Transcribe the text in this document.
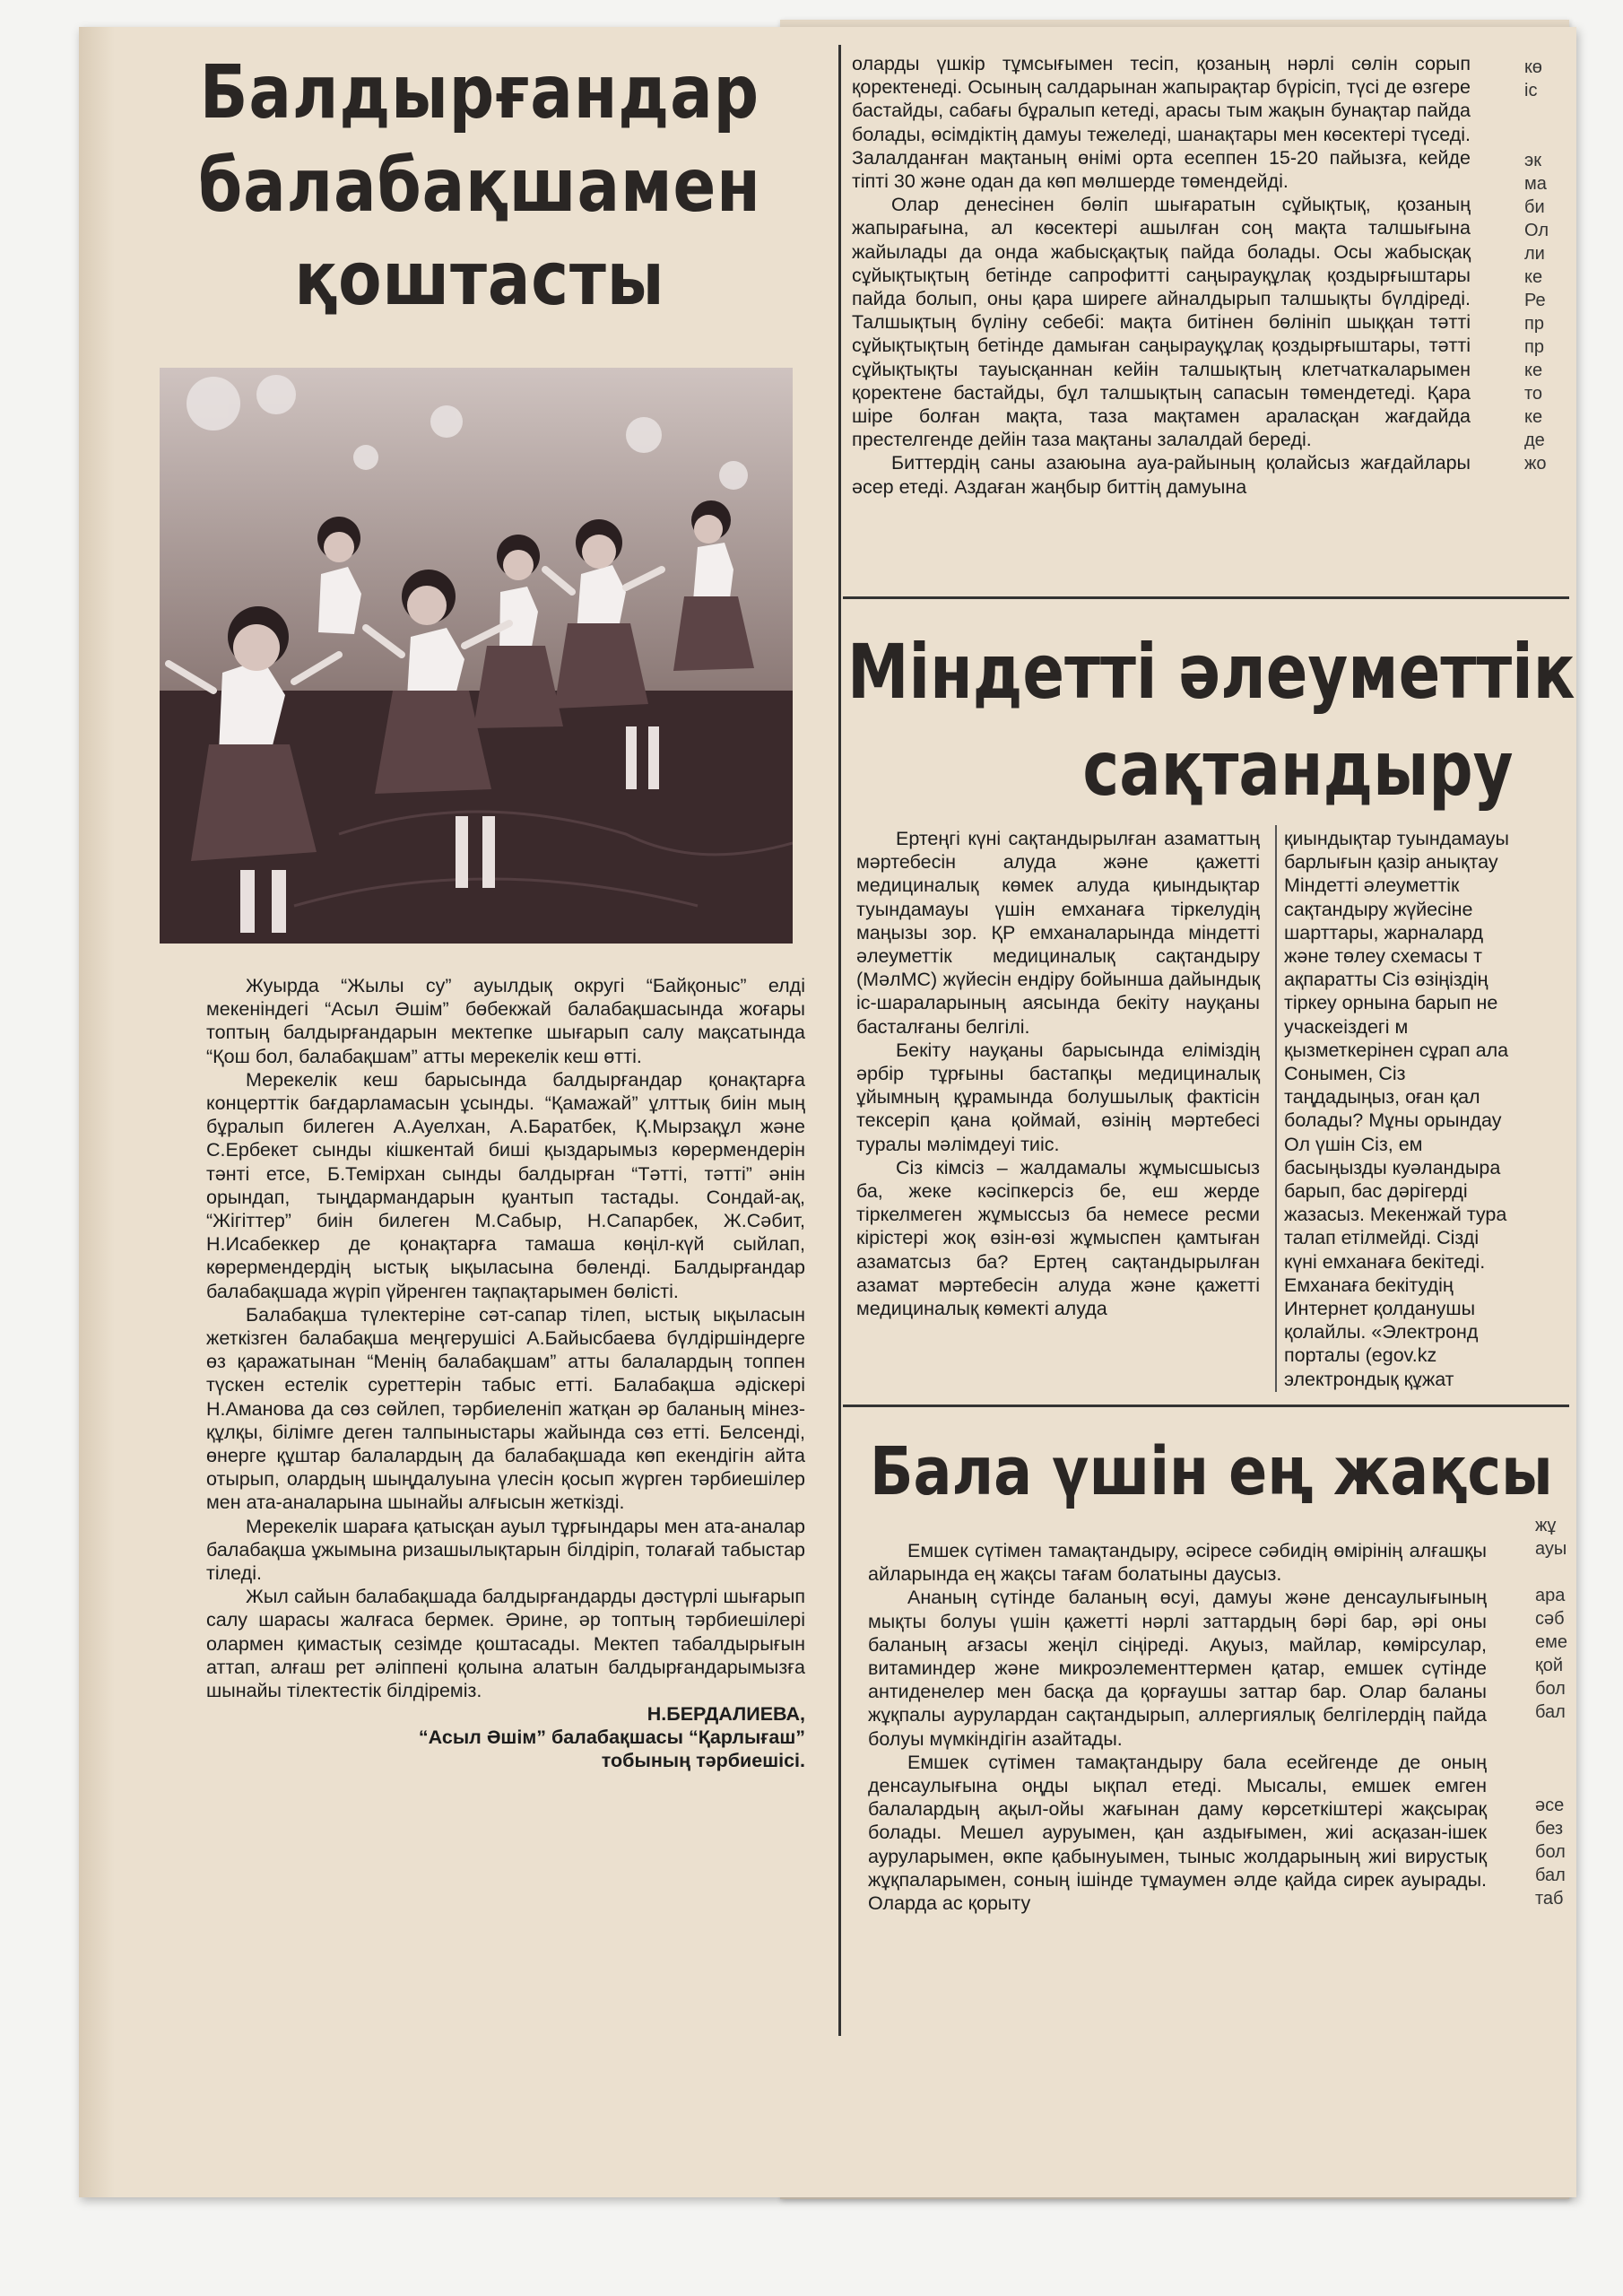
Балдырғандар
балабақшамен
қоштасты

Жуырда “Жылы су” ауылдық округі “Байқоныс” елді мекеніндегі “Асыл Әшім” бөбекжай балабақшасында жоғары топтың балдырғандарын мектепке шығарып салу мақсатында “Қош бол, балабақшам” атты мерекелік кеш өтті.

Мерекелік кеш барысында балдырғандар қонақтарға концерттік бағдарламасын ұсынды. “Қамажай” ұлттық биін мың бұралып билеген А.Ауелхан, А.Баратбек, Қ.Мырзақұл және С.Ербекет сынды кішкентай биші қыздарымыз көрермендерін тәнті етсе, Б.Темірхан сынды балдырған “Тәтті, тәтті” әнін орындап, тыңдармандарын қуантып тастады. Сондай-ақ, “Жігіттер” биін билеген М.Сабыр, Н.Сапарбек, Ж.Сәбит, Н.Исабеккер де қонақтарға тамаша көңіл-күй сыйлап, көрермендердің ыстық ықыласына бөленді. Балдырғандар балабақшада жүріп үйренген тақпақтарымен бөлісті.

Балабақша түлектеріне сәт-сапар тілеп, ыстық ықыласын жеткізген балабақша меңгерушісі А.Байысбаева бүлдіршіндерге өз қаражатынан “Менің балабақшам” атты балалардың топпен түскен естелік суреттерін табыс етті. Балабақша әдіскері Н.Аманова да сөз сөйлеп, тәрбиеленіп жатқан әр баланың мінез-құлқы, білімге деген талпыныстары жайында сөз етті. Белсенді, өнерге құштар балалардың да балабақшада көп екендігін айта отырып, олардың шыңдалуына үлесін қосып жүрген тәрбиешілер мен ата-аналарына шынайы алғысын жеткізді.

Мерекелік шараға қатысқан ауыл тұрғындары мен ата-аналар балабақша ұжымына ризашылықтарын білдіріп, толағай табыстар тіледі.

Жыл сайын балабақшада балдырғандарды дәстүрлі шығарып салу шарасы жалғаса бермек. Әрине, әр топтың тәрбиешілері олармен қимастық сезімде қоштасады. Мектеп табалдырығын аттап, алғаш рет әліппені қолына алатын балдырғандарымызға шынайы тілектестік білдіреміз.

Н.БЕРДАЛИЕВА,
“Асыл Әшім” балабақшасы “Қарлығаш”
тобының тәрбиешісі.

оларды үшкір тұмсығымен тесіп, қозаның нәрлі сөлін сорып қоректенеді. Осының салдарынан жапырақтар бүрісіп, түсі де өзгере бастайды, сабағы бұралып кетеді, арасы тым жақын бунақтар пайда болады, өсімдіктің дамуы тежеледі, шанақтары мен көсектері түседі. Залалданған мақтаның өнімі орта есеппен 15-20 пайызға, кейде тіпті 30 және одан да көп мөлшерде төмендейді.

Олар денесінен бөліп шығаратын сұйықтық, қозаның жапырағына, ал көсектері ашылған соң мақта талшығына жайылады да онда жабысқақтық пайда болады. Осы жабысқақ сұйықтықтың бетінде сапрофитті саңырауқұлақ қоздырғыштары пайда болып, оны қара ширеге айналдырып талшықты бүлдіреді. Талшықтың бүліну себебі: мақта битінен бөлініп шыққан тәтті сұйықтықтың бетінде дамыған саңырауқұлақ қоздырғыштары, тәтті сұйықтықты тауысқаннан кейін талшықтың клетчаткаларымен қоректене бастайды, бұл талшықтың сапасын төмендетеді. Қара шіре болған мақта, таза мақтамен араласқан жағдайда престелгенде дейін таза мақтаны залалдай береді.

Биттердің саны азаюына ауа-райының қолайсыз жағдайлары әсер етеді. Аздаған жаңбыр биттің дамуына

Міндетті әлеуметтік
сақтандыру

Ертеңгі күні сақтандырылған азаматтың мәртебесін алуда және қажетті медициналық көмек алуда қиындықтар туындамауы үшін емханаға тіркелудің маңызы зор. ҚР емханаларында міндетті әлеуметтік медициналық сақтандыру (МәлМС) жүйесін ендіру бойынша дайындық іс-шараларының аясында бекіту науқаны басталғаны белгілі.

Бекіту науқаны барысында еліміздің әрбір тұрғыны бастапқы медициналық ұйымның құрамында болушылық фактісін тексеріп қана қоймай, өзінің мәртебесі туралы мәлімдеуі тиіс.

Сіз кімсіз – жалдамалы жұмысшысыз ба, жеке кәсіпкерсіз бе, еш жерде тіркелмеген жұмыссыз ба немесе ресми кірістері жоқ өзін-өзі жұмыспен қамтыған азаматсыз ба? Ертең сақтандырылған азамат мәртебесін алуда және қажетті медициналық көмекті алуда

қиындықтар туындамауы
барлығын қазір анықтау
Міндетті әлеуметтік
сақтандыру жүйесіне
шарттары, жарналард
және төлеу схемасы т
ақпаратты Сіз өзіңіздің
тіркеу орнына барып не
учаскеіздегі м
қызметкерінен сұрап ала
Сонымен, Сіз
таңдадыңыз, оған қал
болады? Мұны орындау
Ол үшін Сіз, ем
басыңызды куәландыра
барып, бас дәрігерді
жазасыз. Мекенжай тура
талап етілмейді. Сізді
күні емханаға бекітеді.
Емханаға бекітудің
Интернет қолданушы
қолайлы. «Электронд
порталы (egov.kz
электрондық құжат
Бала үшін ең жақсы

Емшек сүтімен тамақтандыру, әсіресе сәбидің өмірінің алғашқы айларында ең жақсы тағам болатыны даусыз.

Ананың сүтінде баланың өсуі, дамуы және денсаулығының мықты болуы үшін қажетті нәрлі заттардың бәрі бар, әрі оны баланың ағзасы жеңіл сіңіреді. Ақуыз, майлар, көмірсулар, витаминдер және микроэлементтермен қатар, емшек сүтінде антиденелер мен басқа да қорғаушы заттар бар. Олар баланы жұқпалы аурулардан сақтандырып, аллергиялық белгілердің пайда болуы мүмкіндігін азайтады.

Емшек сүтімен тамақтандыру бала есейгенде де оның денсаулығына оңды ықпал етеді. Мысалы, емшек емген балалардың ақыл-ойы жағынан даму көрсеткіштері жақсырақ болады. Мешел ауруымен, қан аздығымен, жиі асқазан-ішек ауруларымен, өкпе қабынуымен, тыныс жолдарының жиі вирустық жұқпаларымен, соның ішінде тұмаумен әлде қайда сирек ауырады. Оларда ас қорыту

кө
іс

эк
ма
би
Ол
ли
ке
Ре
пр
пр
ке
то
ке
де
жо
жұ
ауы

ара
сәб
еме
қой
бол
бал

әсе
без
бол
бал
таб
